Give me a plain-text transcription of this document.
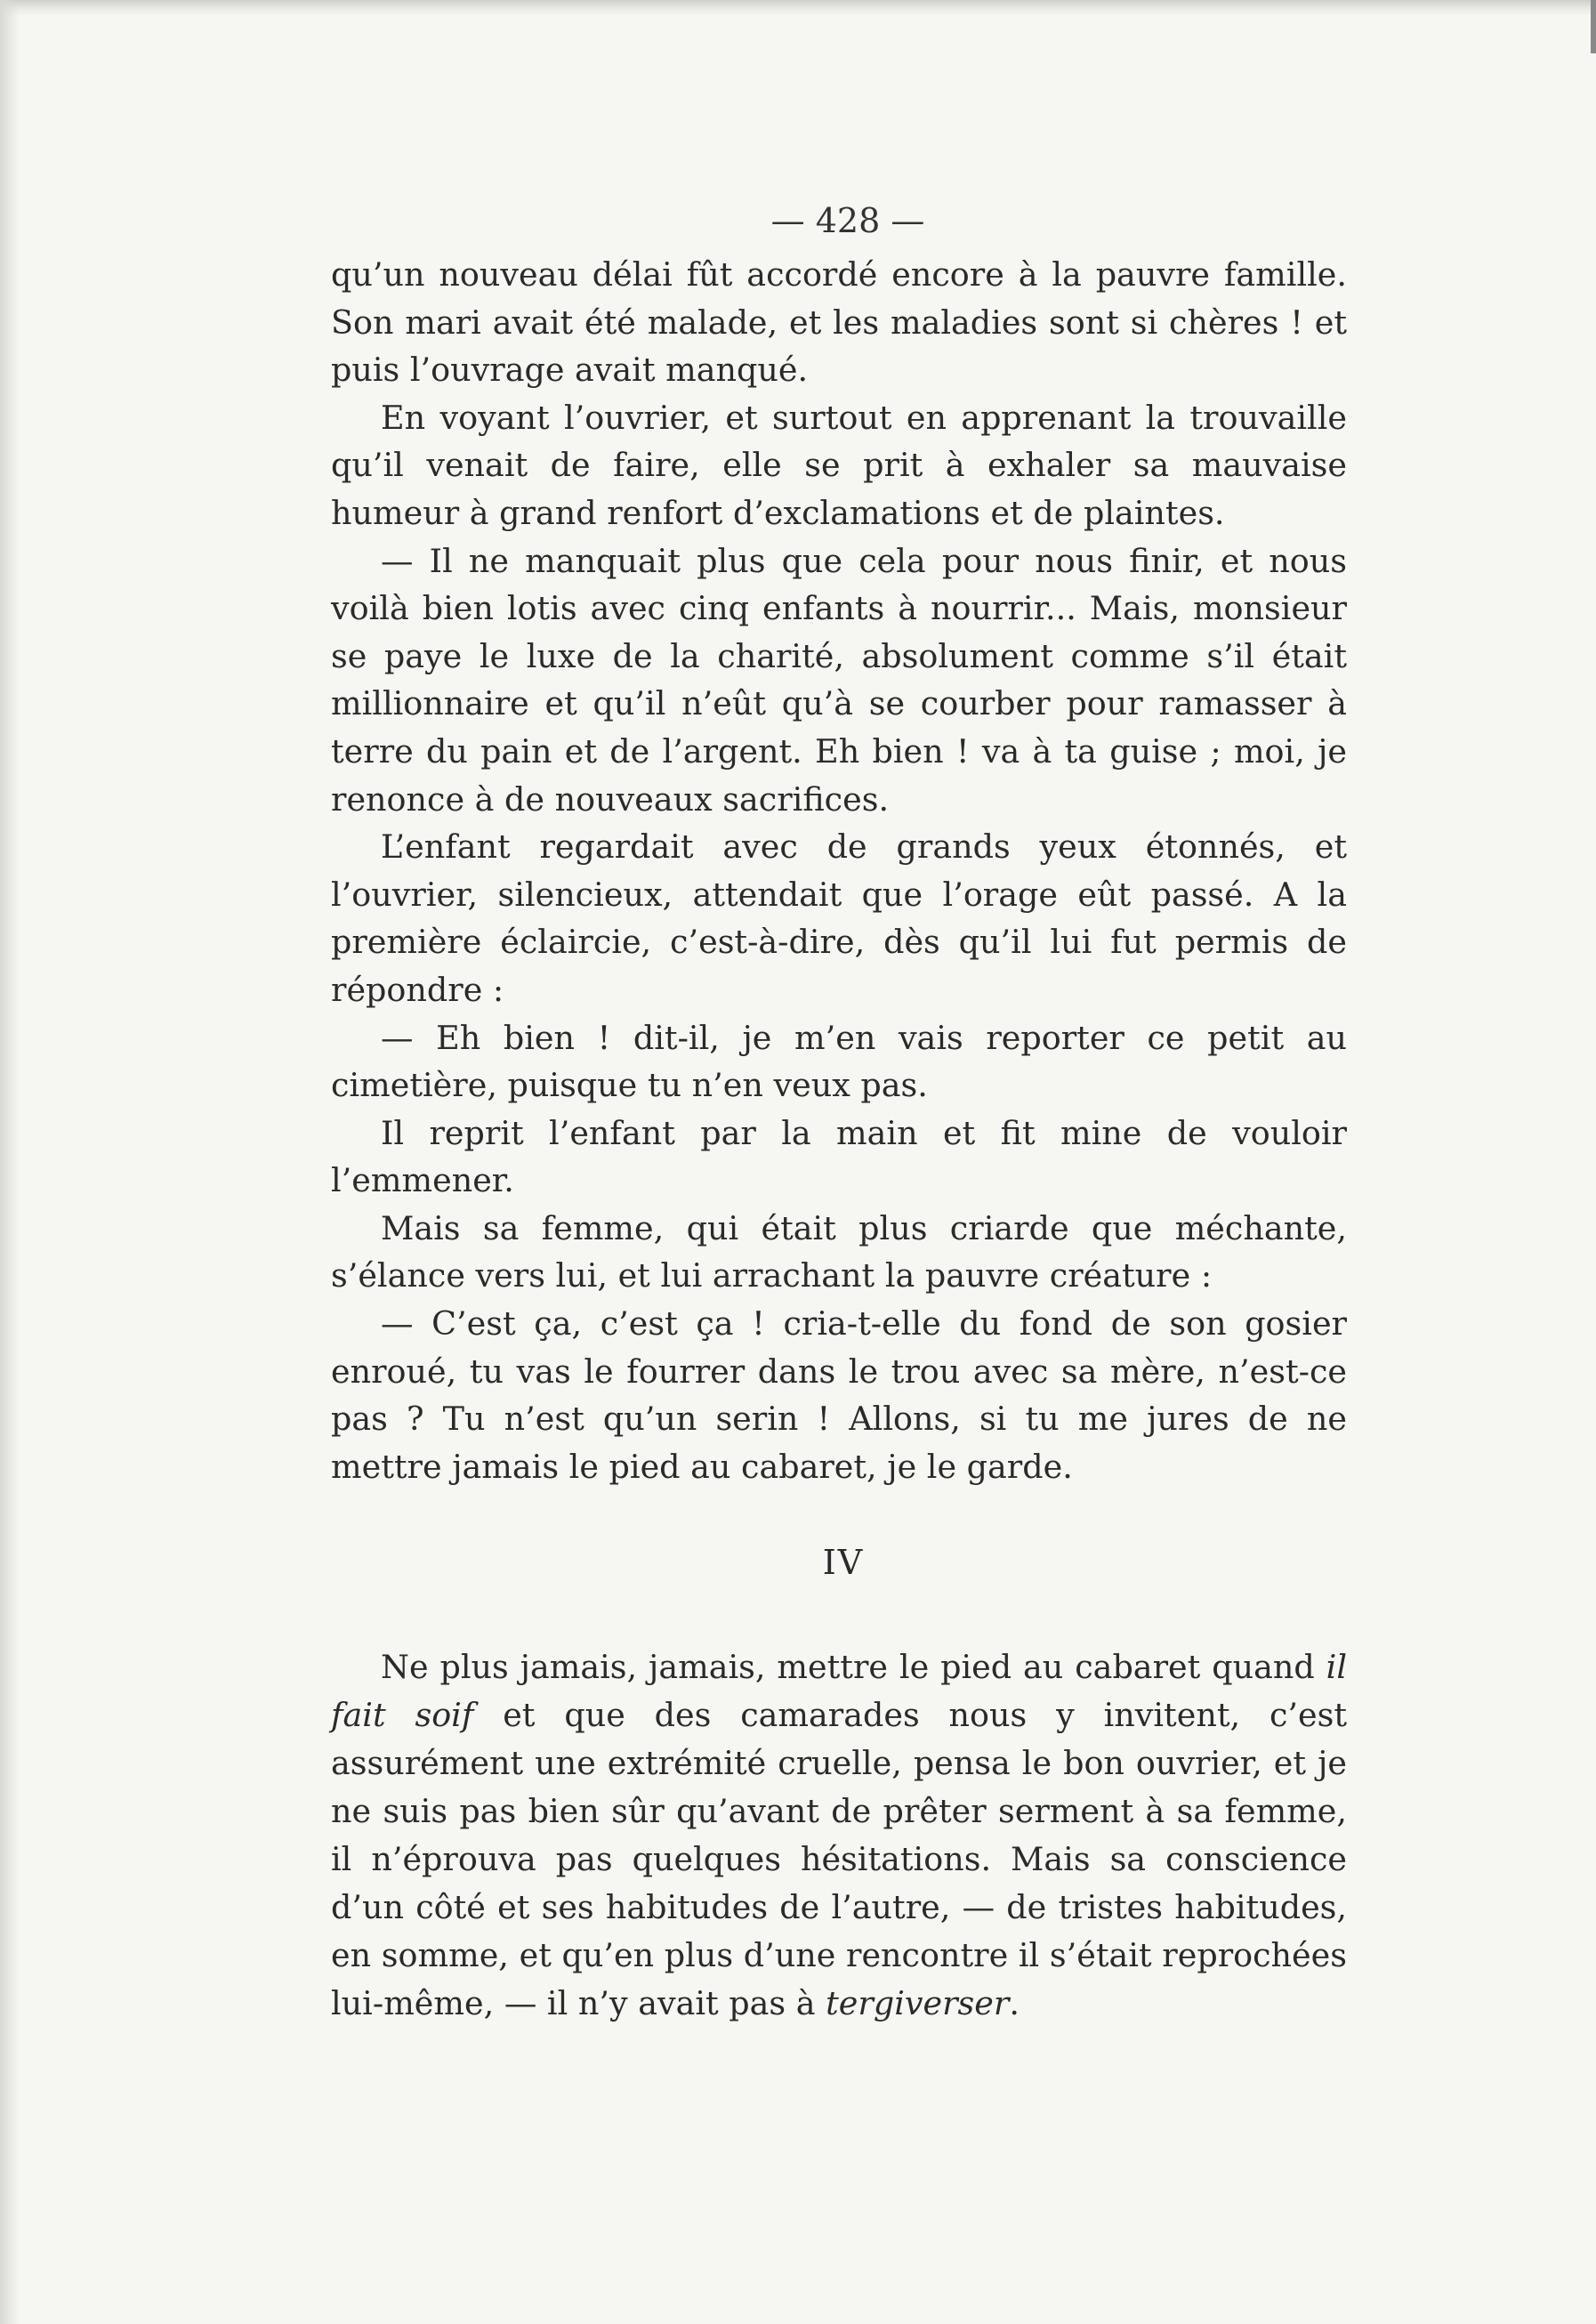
— 428 —

qu’un nouveau délai fût accordé encore à la pauvre famille. Son mari avait été malade, et les maladies sont si chères ! et puis l’ouvrage avait manqué.

En voyant l’ouvrier, et surtout en apprenant la trouvaille qu’il venait de faire, elle se prit à exhaler sa mauvaise humeur à grand renfort d’exclamations et de plaintes.

— Il ne manquait plus que cela pour nous finir, et nous voilà bien lotis avec cinq enfants à nourrir... Mais, monsieur se paye le luxe de la charité, absolument comme s’il était millionnaire et qu’il n’eût qu’à se courber pour ramasser à terre du pain et de l’argent. Eh bien ! va à ta guise ; moi, je renonce à de nouveaux sacrifices.

L’enfant regardait avec de grands yeux étonnés, et l’ouvrier, silencieux, attendait que l’orage eût passé. A la première éclaircie, c’est-à-dire, dès qu’il lui fut permis de répondre :

— Eh bien ! dit-il, je m’en vais reporter ce petit au cimetière, puisque tu n’en veux pas.

Il reprit l’enfant par la main et fit mine de vouloir l’emmener.

Mais sa femme, qui était plus criarde que méchante, s’élance vers lui, et lui arrachant la pauvre créature :

— C’est ça, c’est ça ! cria-t-elle du fond de son gosier enroué, tu vas le fourrer dans le trou avec sa mère, n’est-ce pas ? Tu n’est qu’un serin ! Allons, si tu me jures de ne mettre jamais le pied au cabaret, je le garde.

IV

Ne plus jamais, jamais, mettre le pied au cabaret quand il fait soif et que des camarades nous y invitent, c’est assurément une extrémité cruelle, pensa le bon ouvrier, et je ne suis pas bien sûr qu’avant de prêter serment à sa femme, il n’éprouva pas quelques hésitations. Mais sa conscience d’un côté et ses habitudes de l’autre, — de tristes habitudes, en somme, et qu’en plus d’une rencontre il s’était reprochées lui-même, — il n’y avait pas à tergiverser.
